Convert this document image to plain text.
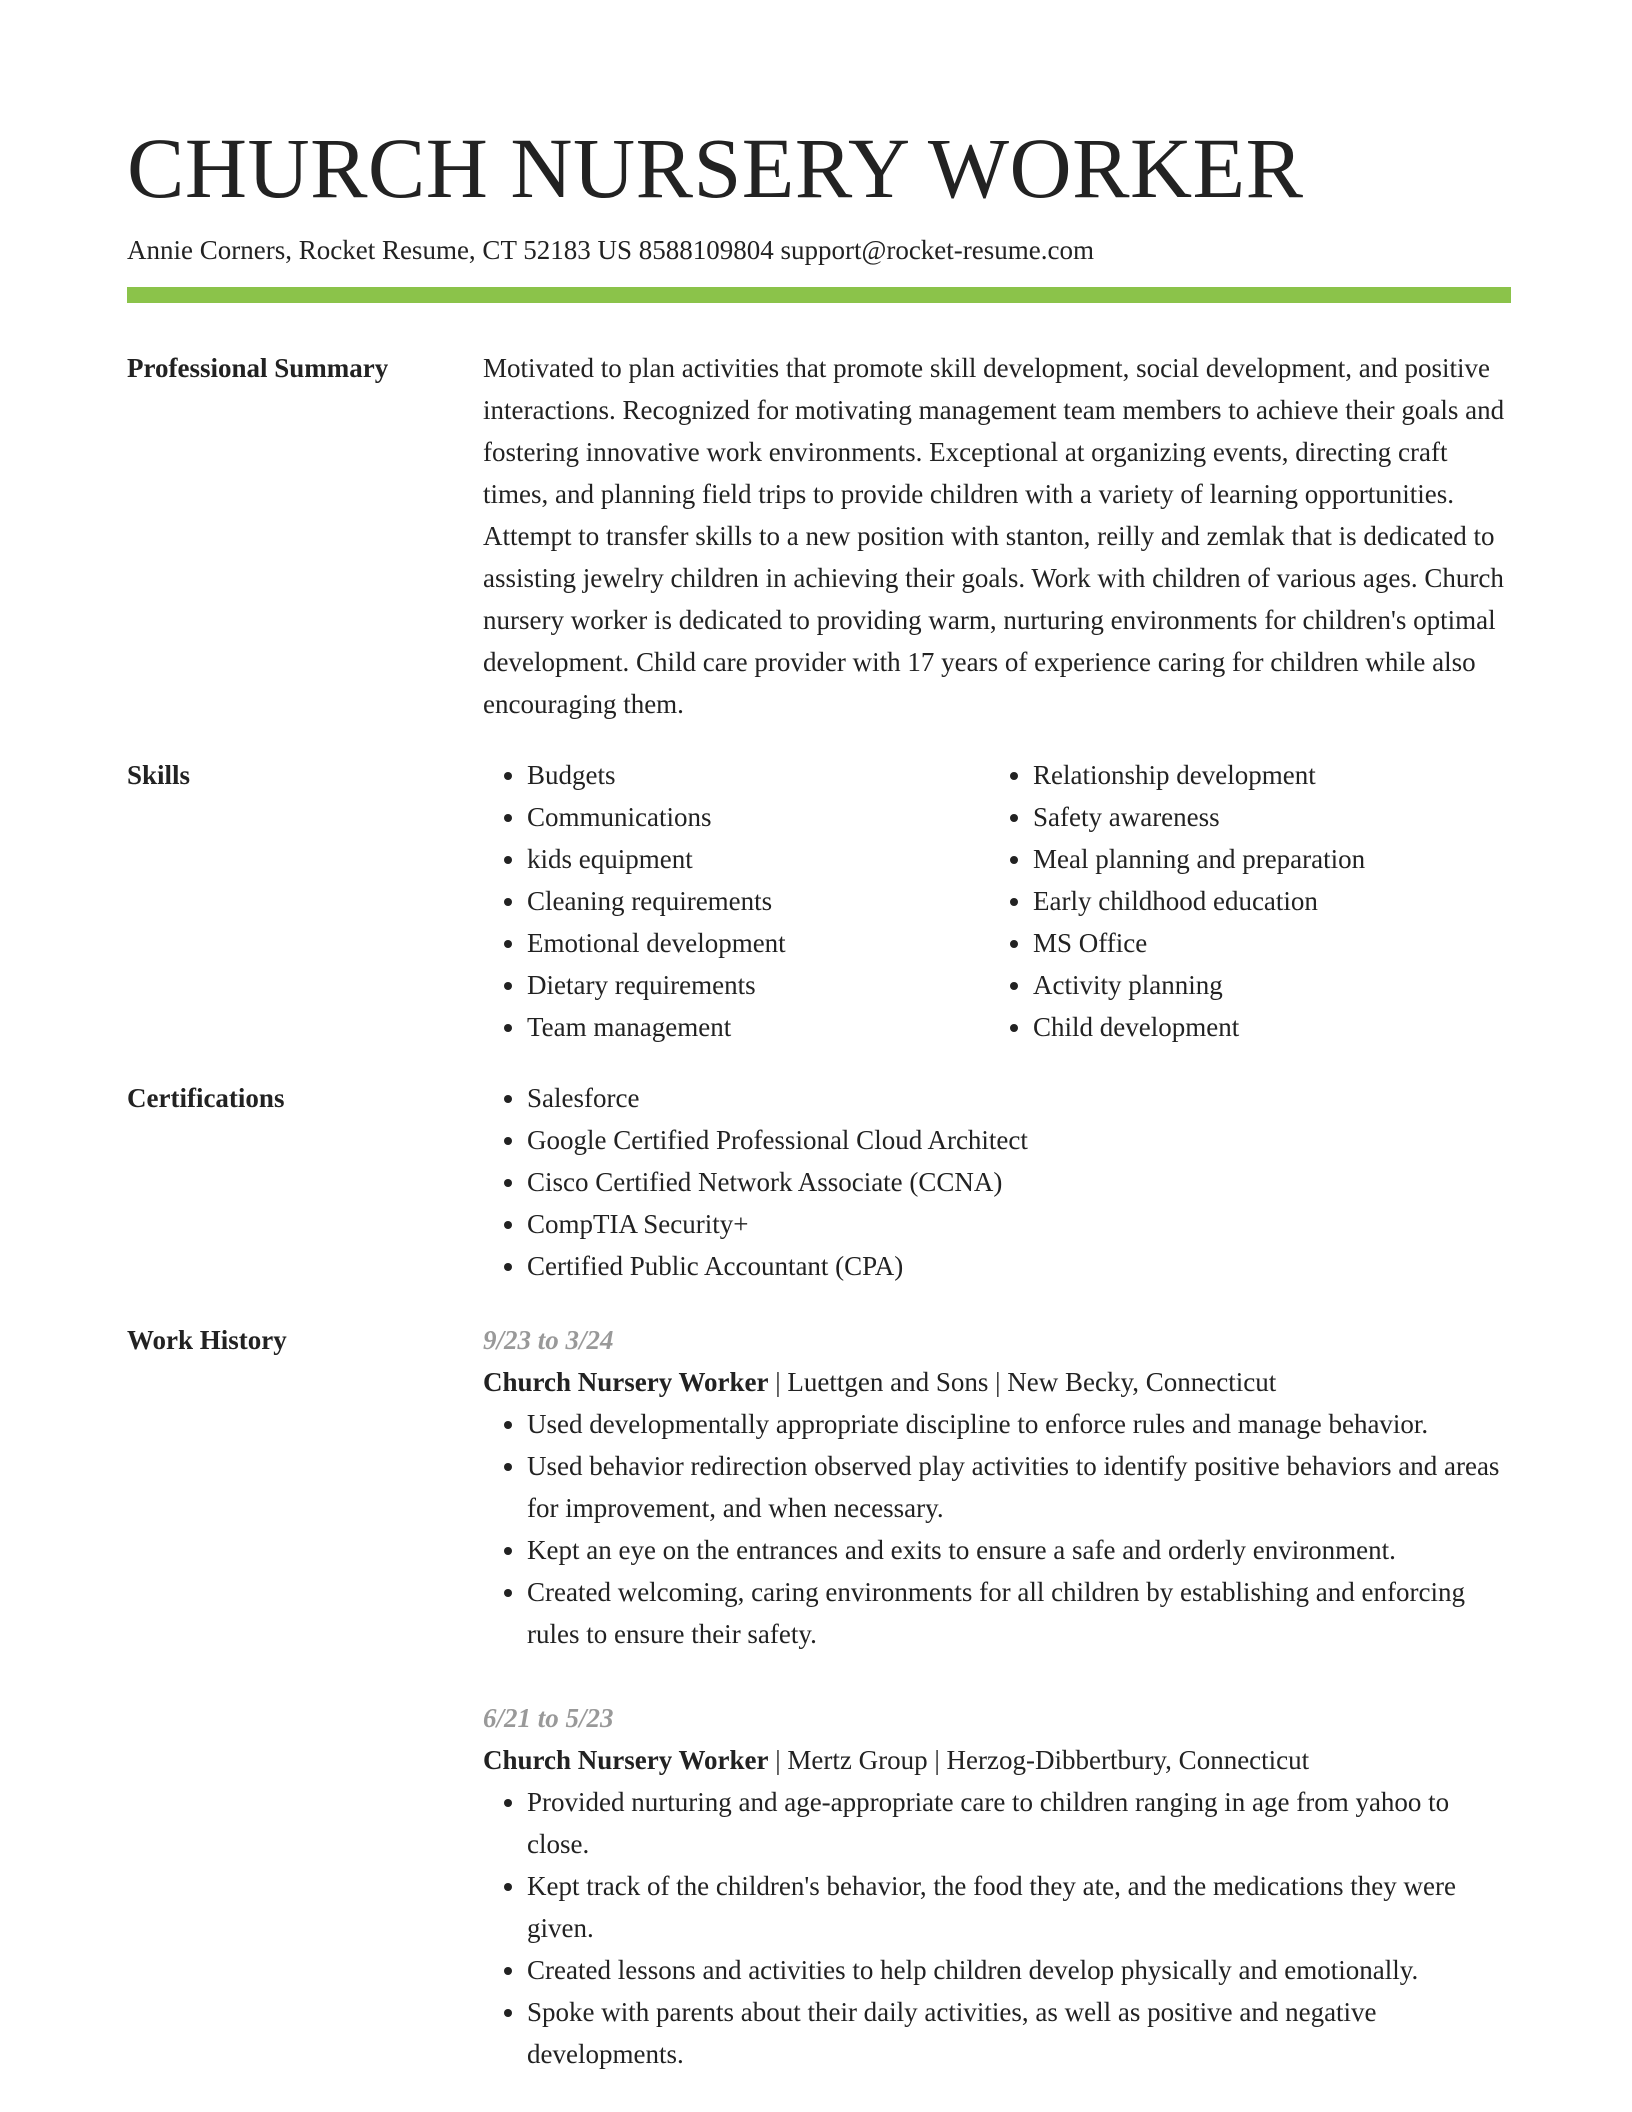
CHURCH NURSERY WORKER
Annie Corners, Rocket Resume, CT 52183 US 8588109804 support@rocket-resume.com
Professional Summary	Motivated to plan activities that promote skill development, social development, and positive interactions. Recognized for motivating management team members to achieve their goals and fostering innovative work environments. Exceptional at organizing events, directing craft times, and planning field trips to provide children with a variety of learning opportunities. Attempt to transfer skills to a new position with stanton, reilly and zemlak that is dedicated to assisting jewelry children in achieving their goals. Work with children of various ages. Church nursery worker is dedicated to providing warm, nurturing environments for children's optimal development. Child care provider with 17 years of experience caring for children while also encouraging them.

Skills	• Budgets
• Communications
• kids equipment
• Cleaning requirements
• Emotional development
• Dietary requirements
• Team management
• Relationship development
• Safety awareness
• Meal planning and preparation
• Early childhood education
• MS Office
• Activity planning
• Child development
Certifications	• Salesforce
• Google Certified Professional Cloud Architect
• Cisco Certified Network Associate (CCNA)
• CompTIA Security+
• Certified Public Accountant (CPA)
Work History	9/23 to 3/24
Church Nursery Worker | Luettgen and Sons | New Becky, Connecticut
• Used developmentally appropriate discipline to enforce rules and manage behavior.
• Used behavior redirection observed play activities to identify positive behaviors and areas for improvement, and when necessary.
• Kept an eye on the entrances and exits to ensure a safe and orderly environment.
• Created welcoming, caring environments for all children by establishing and enforcing rules to ensure their safety.
6/21 to 5/23
Church Nursery Worker | Mertz Group | Herzog-Dibbertbury, Connecticut
• Provided nurturing and age-appropriate care to children ranging in age from yahoo to close.
• Kept track of the children's behavior, the food they ate, and the medications they were given.
• Created lessons and activities to help children develop physically and emotionally.
• Spoke with parents about their daily activities, as well as positive and negative developments.
